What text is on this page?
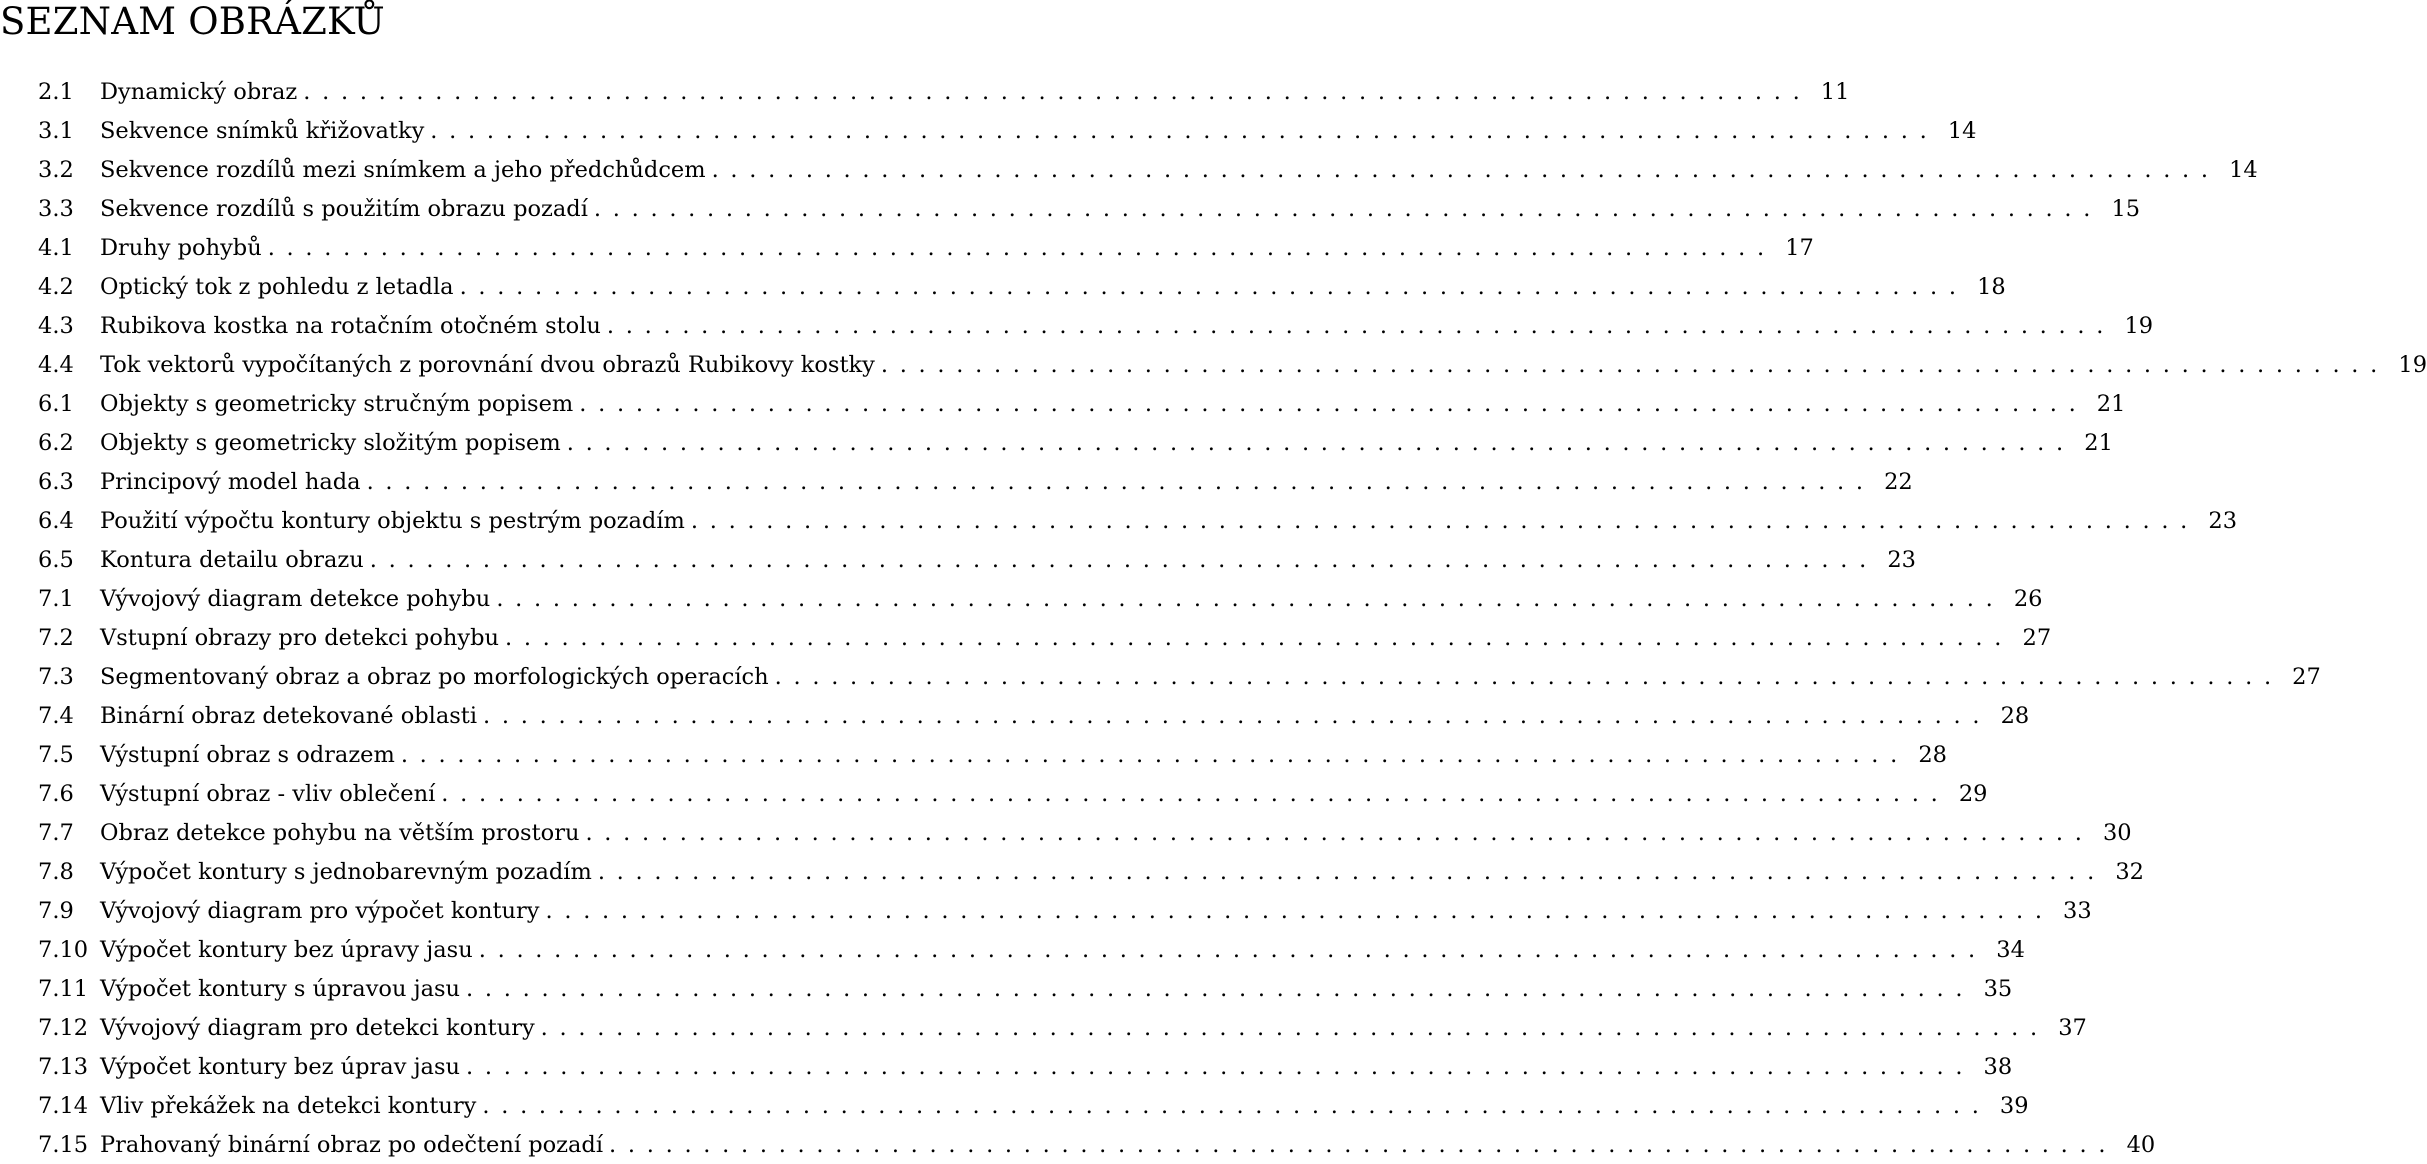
SEZNAM OBRÁZKŮ
2.1	Dynamický obraz ................................................................................ 11
3.1	Sekvence snímků křižovatky ................................................................................ 14
3.2	Sekvence rozdílů mezi snímkem a jeho předchůdcem ................................................................................ 14
3.3	Sekvence rozdílů s použitím obrazu pozadí ................................................................................ 15
4.1	Druhy pohybů ................................................................................ 17
4.2	Optický tok z pohledu z letadla ................................................................................ 18
4.3	Rubikova kostka na rotačním otočném stolu ................................................................................ 19
4.4	Tok vektorů vypočítaných z porovnání dvou obrazů Rubikovy kostky ................................................................................ 19
6.1	Objekty s geometricky stručným popisem ................................................................................ 21
6.2	Objekty s geometricky složitým popisem ................................................................................ 21
6.3	Principový model hada ................................................................................ 22
6.4	Použití výpočtu kontury objektu s pestrým pozadím ................................................................................ 23
6.5	Kontura detailu obrazu ................................................................................ 23
7.1	Vývojový diagram detekce pohybu ................................................................................ 26
7.2	Vstupní obrazy pro detekci pohybu ................................................................................ 27
7.3	Segmentovaný obraz a obraz po morfologických operacích ................................................................................ 27
7.4	Binární obraz detekované oblasti ................................................................................ 28
7.5	Výstupní obraz s odrazem ................................................................................ 28
7.6	Výstupní obraz - vliv oblečení ................................................................................ 29
7.7	Obraz detekce pohybu na větším prostoru ................................................................................ 30
7.8	Výpočet kontury s jednobarevným pozadím ................................................................................ 32
7.9	Vývojový diagram pro výpočet kontury ................................................................................ 33
7.10 Výpočet kontury bez úpravy jasu ................................................................................ 34
7.11 Výpočet kontury s úpravou jasu ................................................................................ 35
7.12 Vývojový diagram pro detekci kontury ................................................................................ 37
7.13 Výpočet kontury bez úprav jasu ................................................................................ 38
7.14 Vliv překážek na detekci kontury ................................................................................ 39
7.15 Prahovaný binární obraz po odečtení pozadí ................................................................................ 40
